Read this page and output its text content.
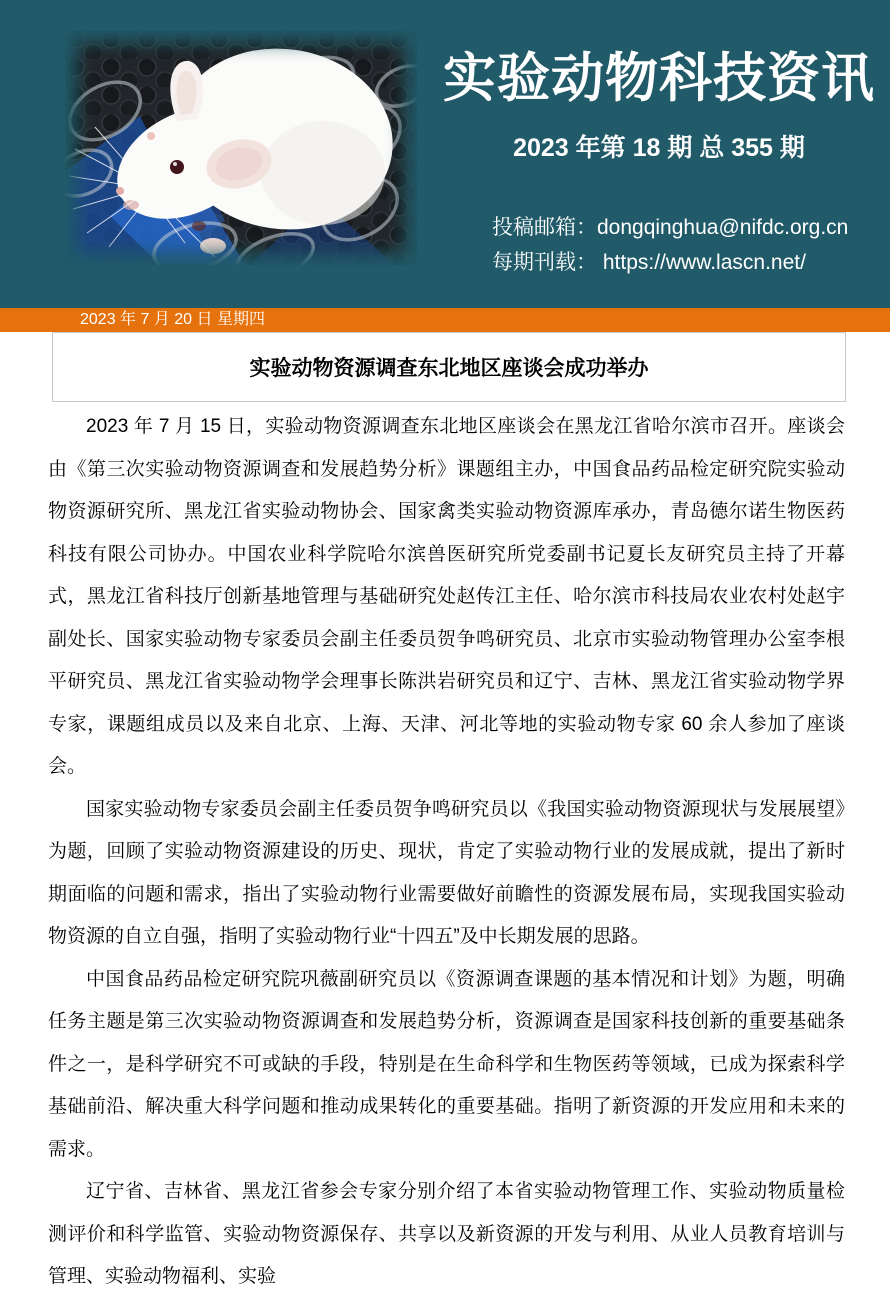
实验动物科技资讯
2023 年第 18 期 总 355 期
投稿邮箱：dongqinghua@nifdc.org.cn
每期刊载： https://www.lascn.net/
2023 年 7 月 20 日 星期四
实验动物资源调查东北地区座谈会成功举办

2023 年 7 月 15 日，实验动物资源调查东北地区座谈会在黑龙江省哈尔滨市召开。座谈会由《第三次实验动物资源调查和发展趋势分析》课题组主办，中国食品药品检定研究院实验动物资源研究所、黑龙江省实验动物协会、国家禽类实验动物资源库承办，青岛德尔诺生物医药科技有限公司协办。中国农业科学院哈尔滨兽医研究所党委副书记夏长友研究员主持了开幕式，黑龙江省科技厅创新基地管理与基础研究处赵传江主任、哈尔滨市科技局农业农村处赵宇副处长、国家实验动物专家委员会副主任委员贺争鸣研究员、北京市实验动物管理办公室李根平研究员、黑龙江省实验动物学会理事长陈洪岩研究员和辽宁、吉林、黑龙江省实验动物学界专家，课题组成员以及来自北京、上海、天津、河北等地的实验动物专家 60 余人参加了座谈会。

国家实验动物专家委员会副主任委员贺争鸣研究员以《我国实验动物资源现状与发展展望》为题，回顾了实验动物资源建设的历史、现状，肯定了实验动物行业的发展成就，提出了新时期面临的问题和需求，指出了实验动物行业需要做好前瞻性的资源发展布局，实现我国实验动物资源的自立自强，指明了实验动物行业“十四五”及中长期发展的思路。

中国食品药品检定研究院巩薇副研究员以《资源调查课题的基本情况和计划》为题，明确任务主题是第三次实验动物资源调查和发展趋势分析，资源调查是国家科技创新的重要基础条件之一，是科学研究不可或缺的手段，特别是在生命科学和生物医药等领域，已成为探索科学基础前沿、解决重大科学问题和推动成果转化的重要基础。指明了新资源的开发应用和未来的需求。

辽宁省、吉林省、黑龙江省参会专家分别介绍了本省实验动物管理工作、实验动物质量检测评价和科学监管、实验动物资源保存、共享以及新资源的开发与利用、从业人员教育培训与管理、实验动物福利、实验
